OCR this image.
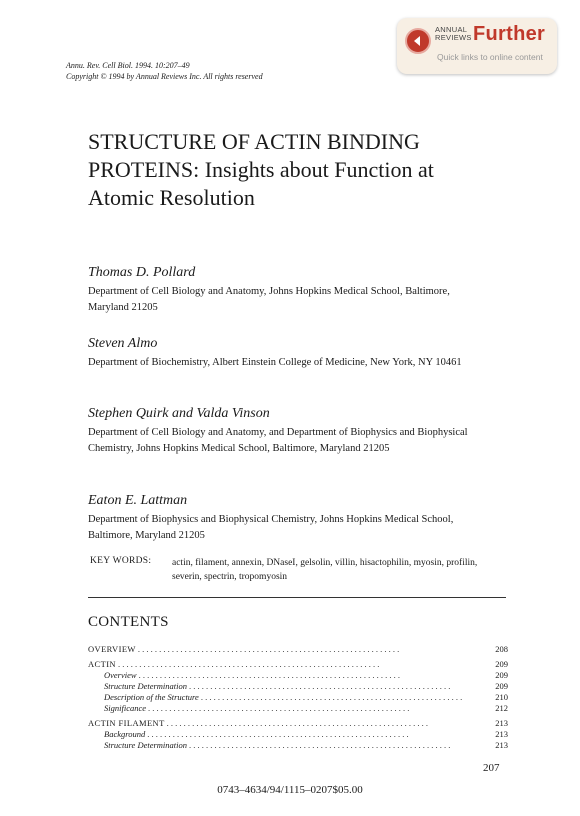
ANNUAL
REVIEWS Further
Quick links to online content
Annu. Rev. Cell Biol. 1994. 10:207–49
Copyright © 1994 by Annual Reviews Inc. All rights reserved
STRUCTURE OF ACTIN BINDING PROTEINS: Insights about Function at Atomic Resolution
Thomas D. Pollard
Department of Cell Biology and Anatomy, Johns Hopkins Medical School, Baltimore, Maryland 21205
Steven Almo
Department of Biochemistry, Albert Einstein College of Medicine, New York, NY 10461
Stephen Quirk and Valda Vinson
Department of Cell Biology and Anatomy, and Department of Biophysics and Biophysical Chemistry, Johns Hopkins Medical School, Baltimore, Maryland 21205
Eaton E. Lattman
Department of Biophysics and Biophysical Chemistry, Johns Hopkins Medical School, Baltimore, Maryland 21205
KEY WORDS: actin, filament, annexin, DNaseI, gelsolin, villin, hisactophilin, myosin, profilin, severin, spectrin, tropomyosin
CONTENTS
OVERVIEW . . . . . . . . . . . . . . . . . . . . . . . . . . . . . . . . . . . . . . . . . . . . . . . . . . . . . . . . . . . . . .	208
ACTIN . . . . . . . . . . . . . . . . . . . . . . . . . . . . . . . . . . . . . . . . . . . . . . . . . . . . . . . . . . . . . .	209
Overview . . . . . . . . . . . . . . . . . . . . . . . . . . . . . . . . . . . . . . . . . . . . . . . . . . . . . . . . . . . . . .	209
Structure Determination . . . . . . . . . . . . . . . . . . . . . . . . . . . . . . . . . . . . . . . . . . . . . . . . . . . . . . . . . . . . . .	209
Description of the Structure . . . . . . . . . . . . . . . . . . . . . . . . . . . . . . . . . . . . . . . . . . . . . . . . . . . . . . . . . . . . . .	210
Significance . . . . . . . . . . . . . . . . . . . . . . . . . . . . . . . . . . . . . . . . . . . . . . . . . . . . . . . . . . . . . .	212
ACTIN FILAMENT . . . . . . . . . . . . . . . . . . . . . . . . . . . . . . . . . . . . . . . . . . . . . . . . . . . . . . . . . . . . . .	213
Background . . . . . . . . . . . . . . . . . . . . . . . . . . . . . . . . . . . . . . . . . . . . . . . . . . . . . . . . . . . . . .	213
Structure Determination . . . . . . . . . . . . . . . . . . . . . . . . . . . . . . . . . . . . . . . . . . . . . . . . . . . . . . . . . . . . . .	213
207
0743–4634/94/1115–0207$05.00
